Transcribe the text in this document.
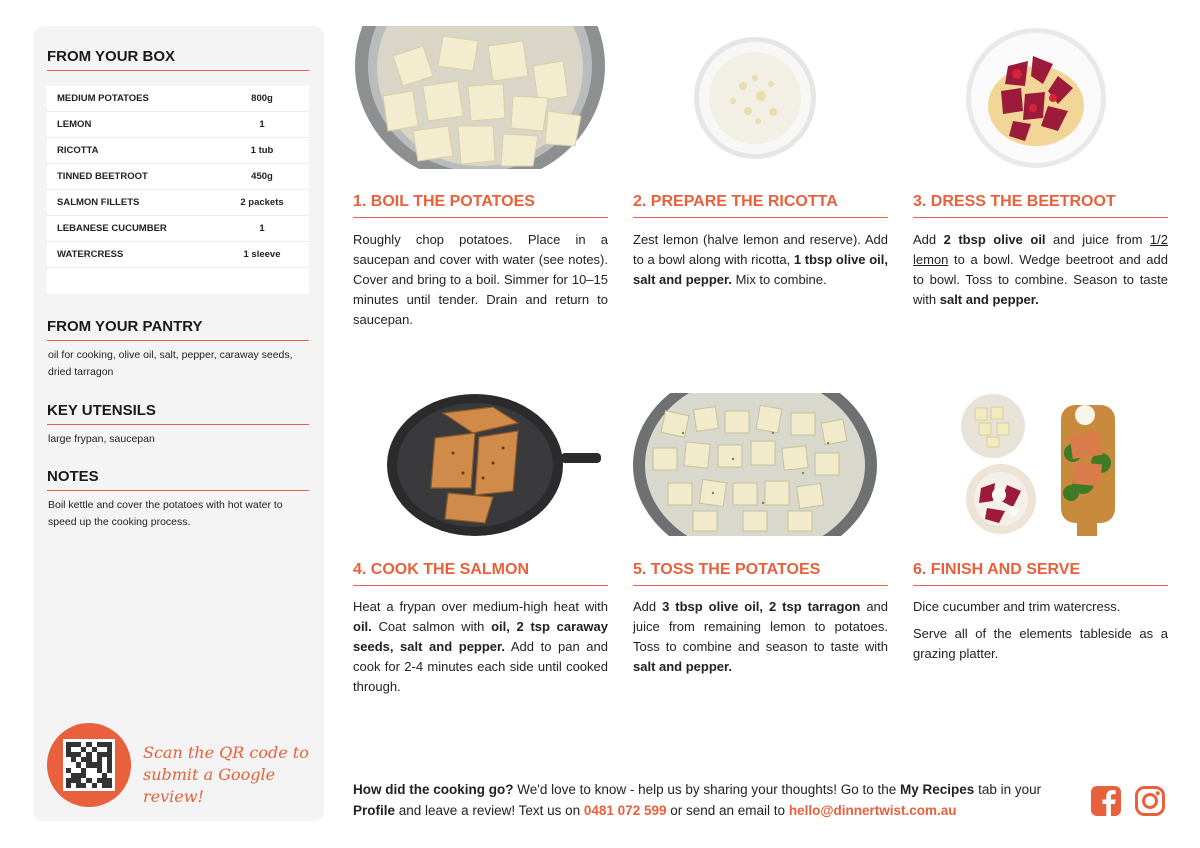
FROM YOUR BOX
MEDIUM POTATOES	800g
LEMON	1
RICOTTA	1 tub
TINNED BEETROOT	450g
SALMON FILLETS	2 packets
LEBANESE CUCUMBER	1
WATERCRESS	1 sleeve
FROM YOUR PANTRY
oil for cooking, olive oil, salt, pepper, caraway seeds, dried tarragon
KEY UTENSILS
large frypan, saucepan
NOTES
Boil kettle and cover the potatoes with hot water to speed up the cooking process.
Scan the QR code to submit a Google review!
1. BOIL THE POTATOES
Roughly chop potatoes. Place in a saucepan and cover with water (see notes). Cover and bring to a boil. Simmer for 10–15 minutes until tender. Drain and return to saucepan.
2. PREPARE THE RICOTTA
Zest lemon (halve lemon and reserve). Add to a bowl along with ricotta, 1 tbsp olive oil, salt and pepper. Mix to combine.
3. DRESS THE BEETROOT
Add 2 tbsp olive oil and juice from 1/2 lemon to a bowl. Wedge beetroot and add to bowl. Toss to combine. Season to taste with salt and pepper.
4. COOK THE SALMON
Heat a frypan over medium-high heat with oil. Coat salmon with oil, 2 tsp caraway seeds, salt and pepper. Add to pan and cook for 2-4 minutes each side until cooked through.
5. TOSS THE POTATOES
Add 3 tbsp olive oil, 2 tsp tarragon and juice from remaining lemon to potatoes. Toss to combine and season to taste with salt and pepper.
6. FINISH AND SERVE

Dice cucumber and trim watercress.

Serve all of the elements tableside as a grazing platter.

How did the cooking go? We'd love to know - help us by sharing your thoughts! Go to the My Recipes tab in your Profile and leave a review! Text us on 0481 072 599 or send an email to hello@dinnertwist.com.au
